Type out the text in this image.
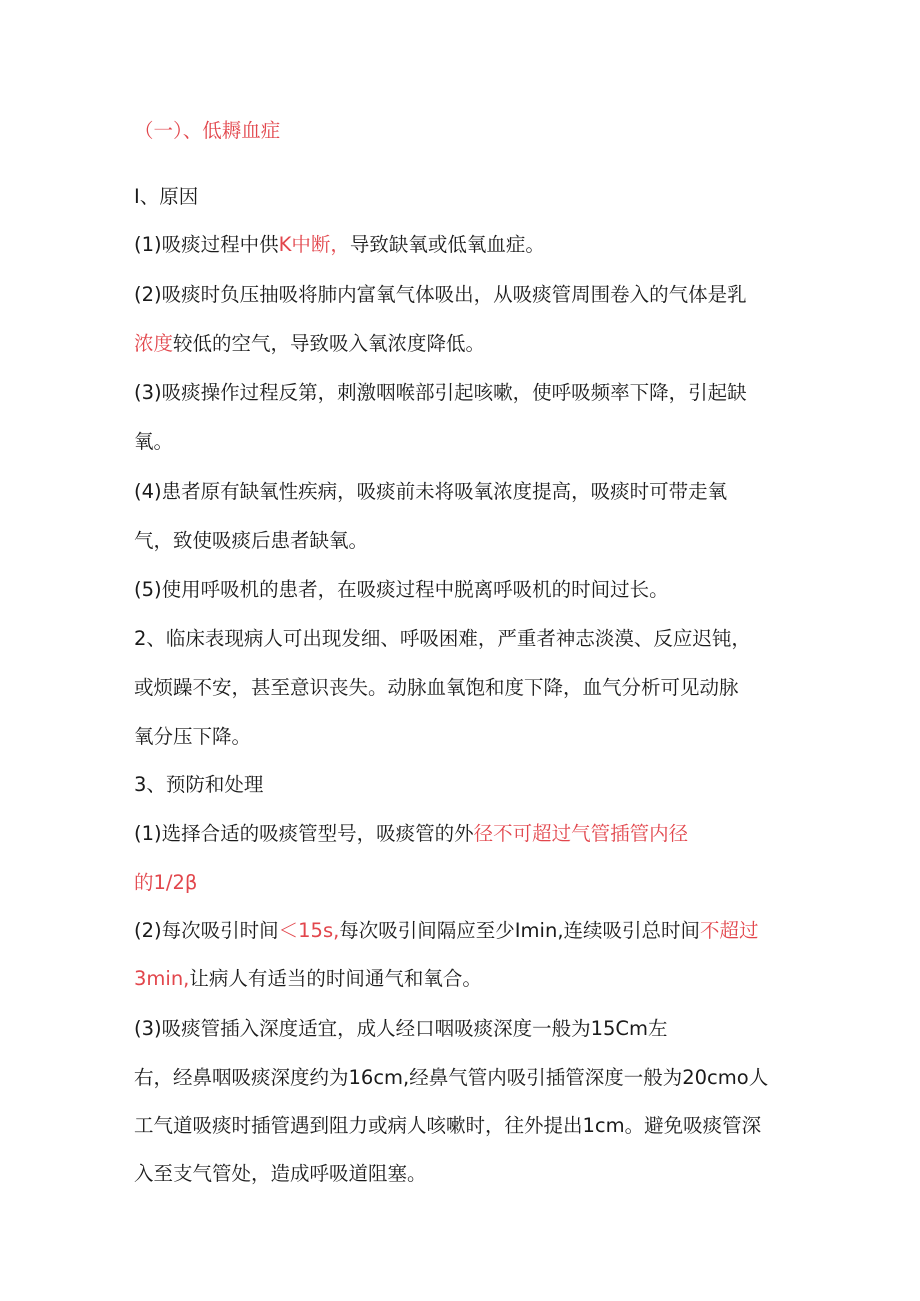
（一）、低耨血症

I、原因

(1)吸痰过程中供K中断，导致缺氧或低氧血症。

(2)吸痰时负压抽吸将肺内富氧气体吸出，从吸痰管周围卷入的气体是乳

浓度较低的空气，导致吸入氧浓度降低。

(3)吸痰操作过程反第，刺激咽喉部引起咳嗽，使呼吸频率下降，引起缺

氧。

(4)患者原有缺氧性疾病，吸痰前未将吸氧浓度提高，吸痰时可带走氧

气，致使吸痰后患者缺氧。

(5)使用呼吸机的患者，在吸痰过程中脱离呼吸机的时间过长。

2、临床表现病人可出现发细、呼吸困难，严重者神志淡漠、反应迟钝，

或烦躁不安，甚至意识丧失。动脉血氧饱和度下降，血气分析可见动脉

氧分压下降。

3、预防和处理

(1)选择合适的吸痰管型号，吸痰管的外径不可超过气管插管内径

的1/2β

(2)每次吸引时间＜15s,每次吸引间隔应至少Imin,连续吸引总时间不超过

3min,让病人有适当的时间通气和氧合。

(3)吸痰管插入深度适宜，成人经口咽吸痰深度一般为15Cm左

右，经鼻咽吸痰深度约为16cm,经鼻气管内吸引插管深度一般为20cmo人

工气道吸痰时插管遇到阻力或病人咳嗽时，往外提出1cm。避免吸痰管深

入至支气管处，造成呼吸道阻塞。
